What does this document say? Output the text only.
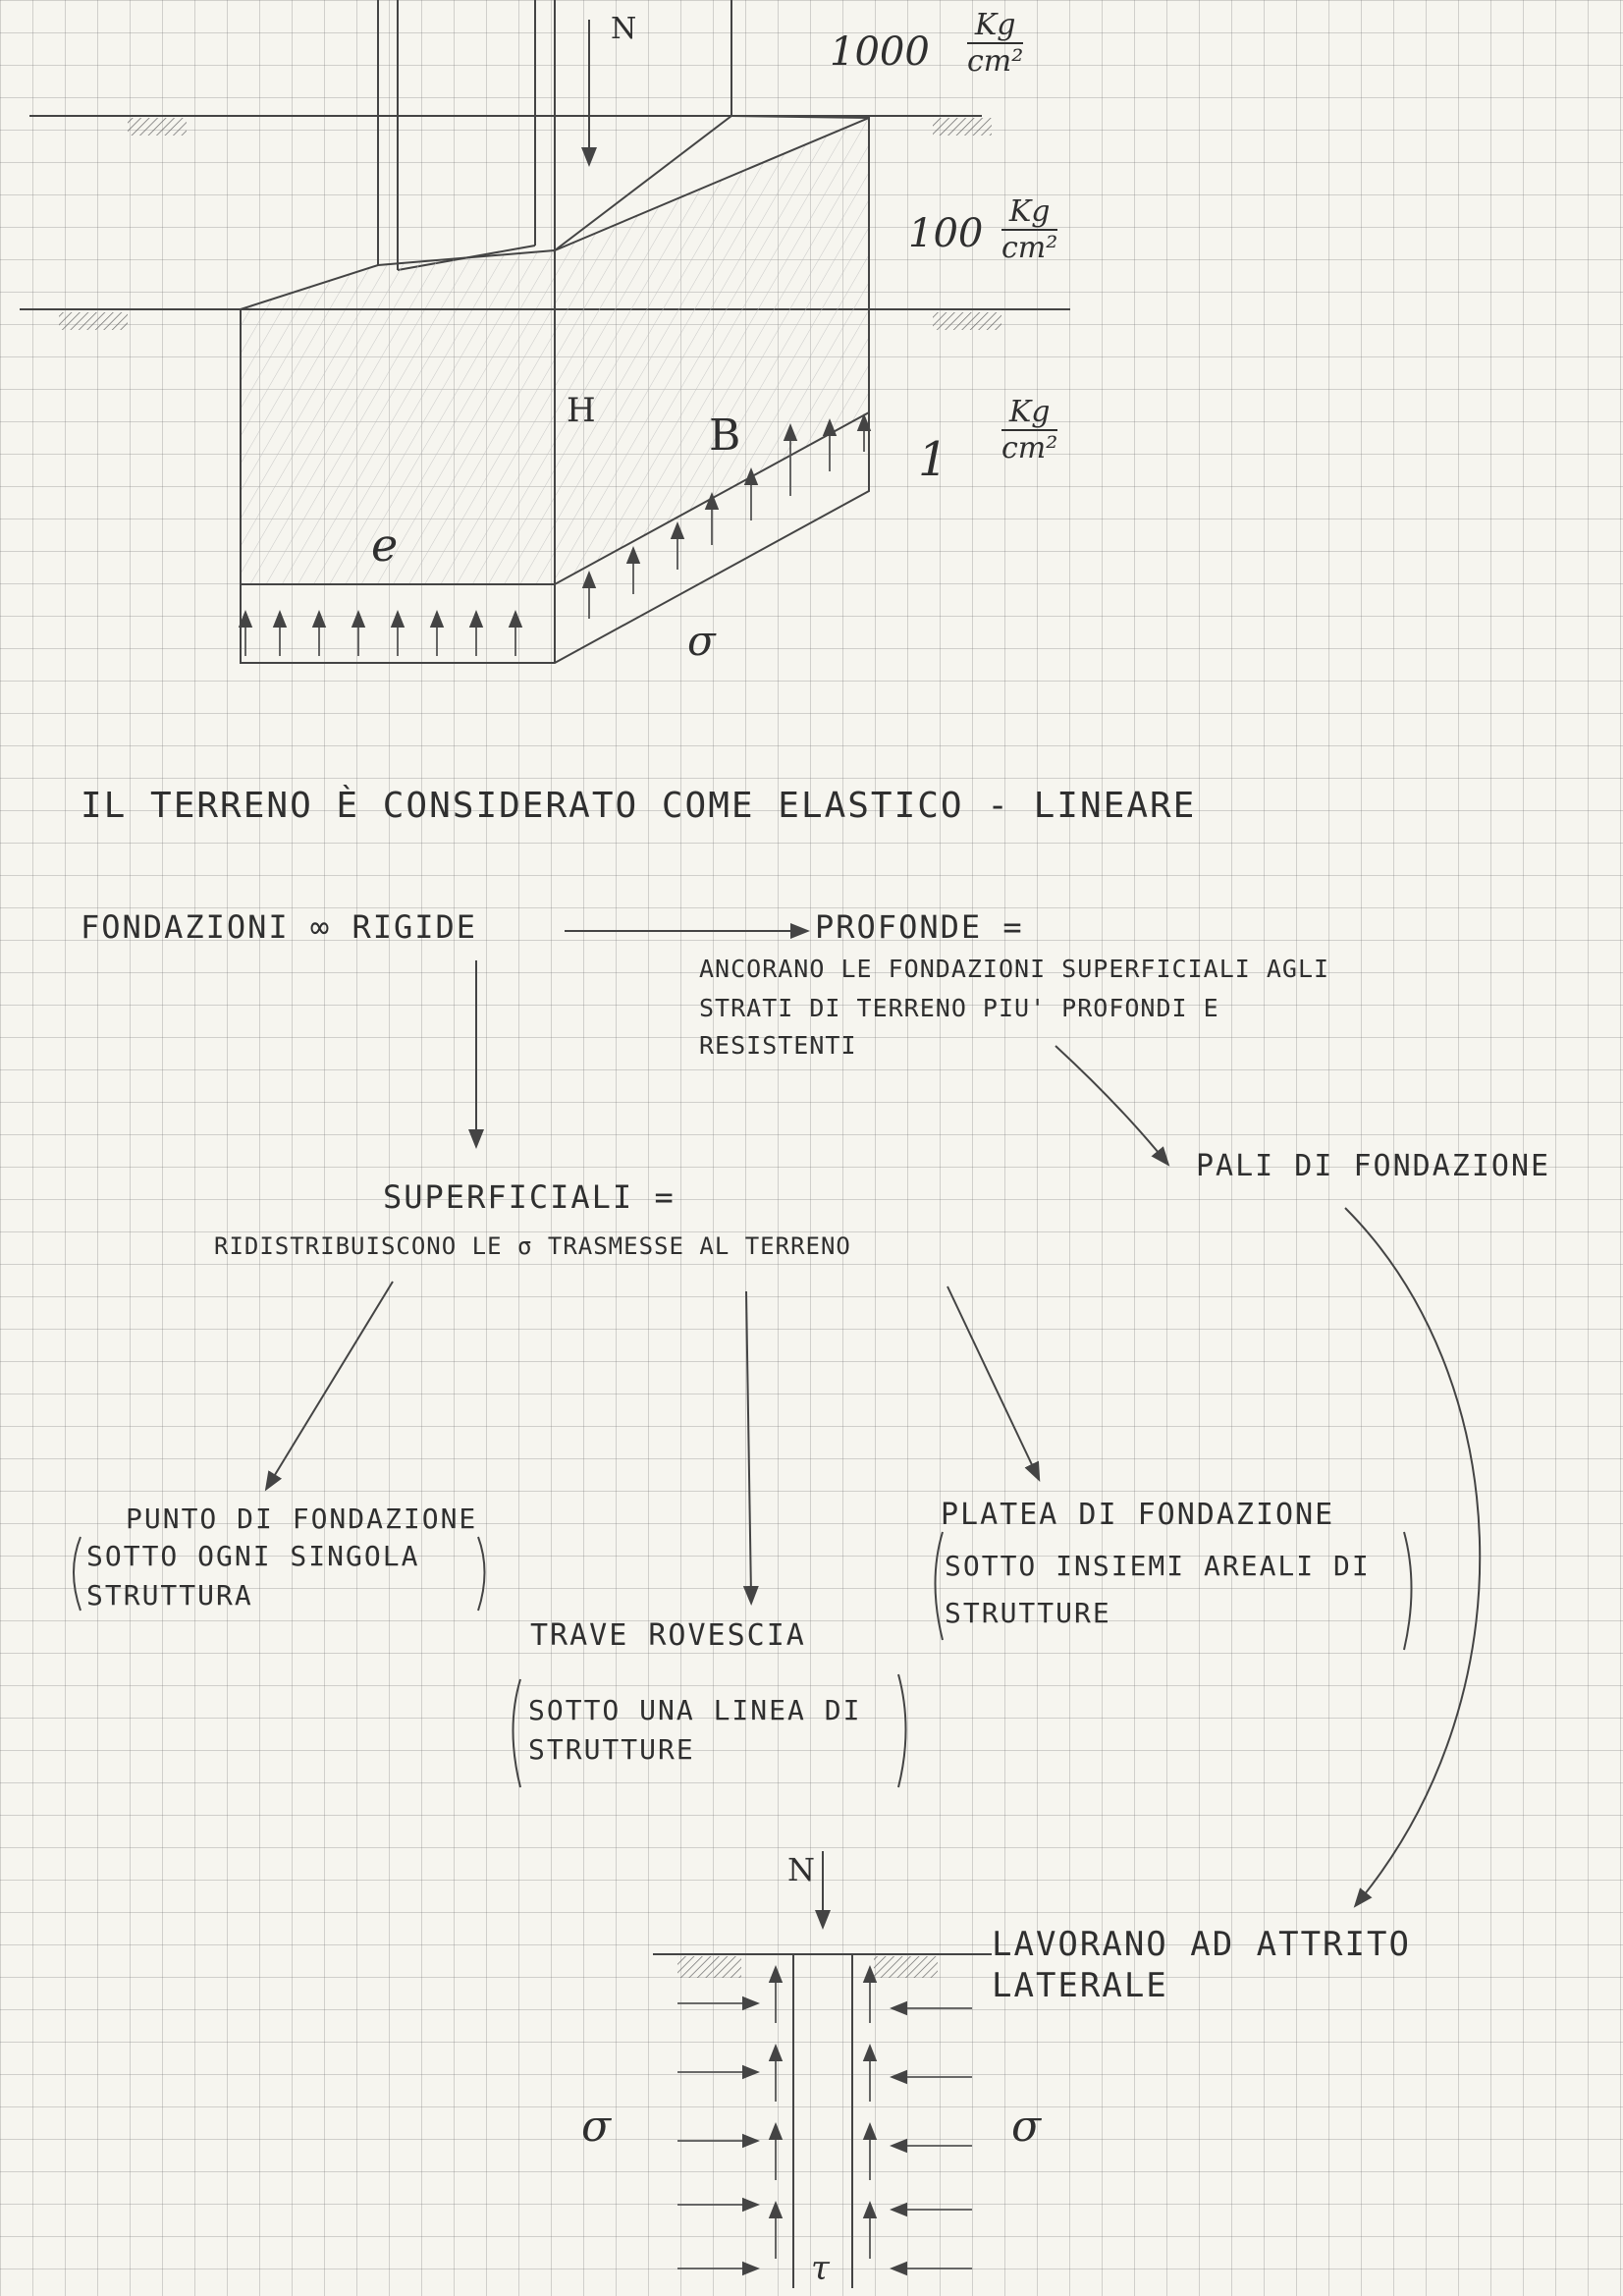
N

$1000 \frac{Kg}{\text{cm²}}$

$100 \frac{Kg}{\text{cm²}}$

$1 \frac{Kg}{\text{cm²}}$

H	B

e

σ

IL TERRENO È CONSIDERATO COME ELASTICO - LINEARE

FONDAZIONI ∞ RIGIDE	PROFONDE =

ANCORANO LE FONDAZIONI SUPERFICIALI AGLI

STRATI DI TERRENO PIU' PROFONDI E

RESISTENTI

PALI DI FONDAZIONE

SUPERFICIALI =

RIDISTRIBUISCONO LE σ TRASMESSE AL TERRENO

PUNTO DI FONDAZIONE

SOTTO OGNI SINGOLA

STRUTTURA

TRAVE ROVESCIA

SOTTO UNA LINEA DI

STRUTTURE

PLATEA DI FONDAZIONE

SOTTO INSIEMI AREALI DI

STRUTTURE

LAVORANO AD ATTRITO

LATERALE

N

σ	σ

τ
